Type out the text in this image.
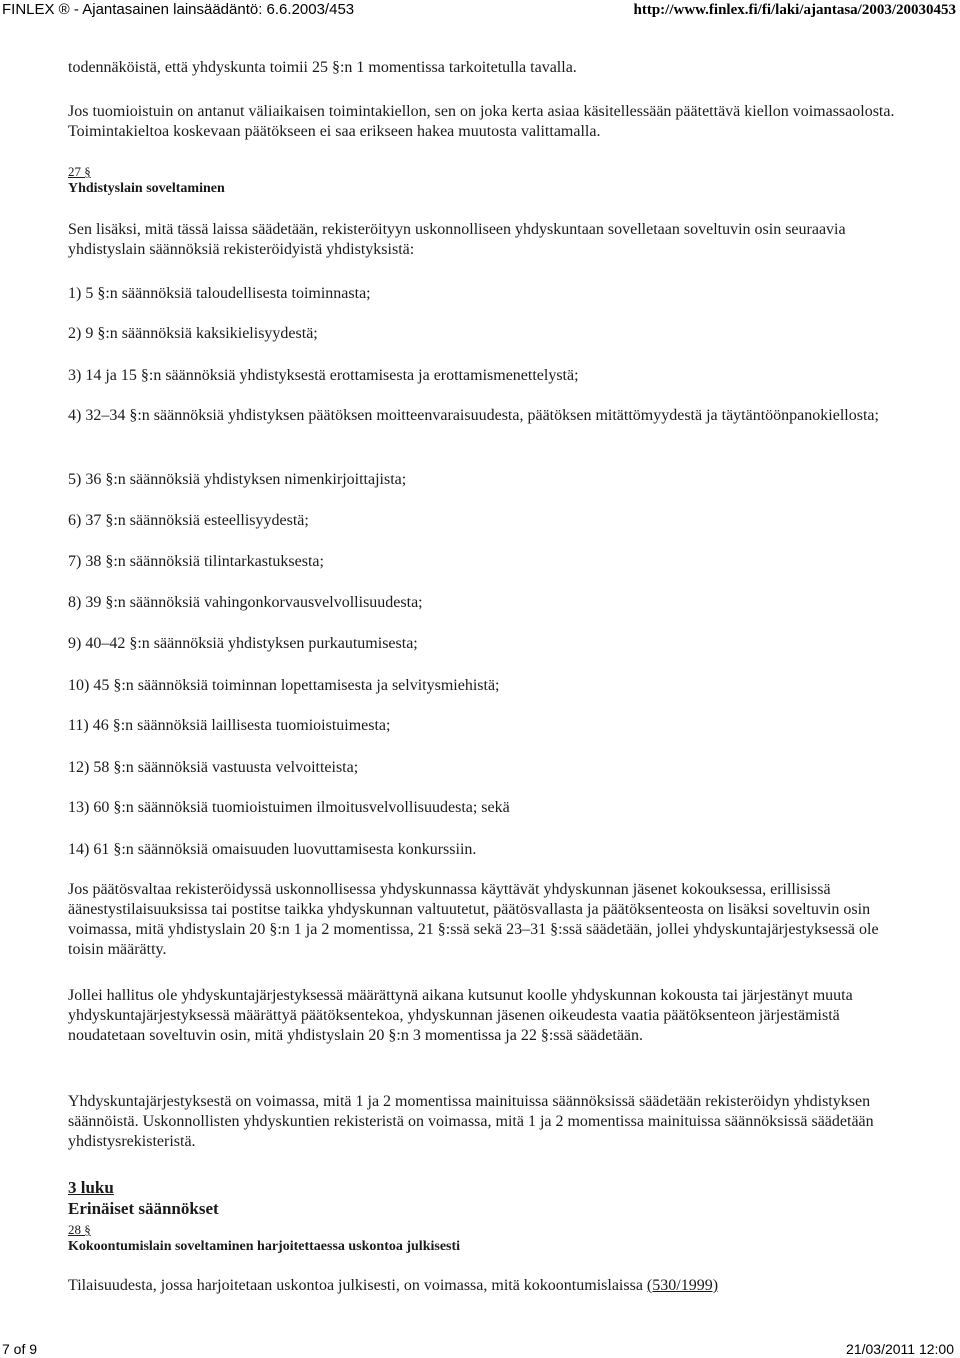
FINLEX ® - Ajantasainen lainsäädäntö: 6.6.2003/453	http://www.finlex.fi/fi/laki/ajantasa/2003/20030453

todennäköistä, että yhdyskunta toimii 25 §:n 1 momentissa tarkoitetulla tavalla.

Jos tuomioistuin on antanut väliaikaisen toimintakiellon, sen on joka kerta asiaa käsitellessään päätettävä kiellon voimassaolosta. Toimintakieltoa koskevaan päätökseen ei saa erikseen hakea muutosta valittamalla.

27 §
Yhdistyslain soveltaminen

Sen lisäksi, mitä tässä laissa säädetään, rekisteröityyn uskonnolliseen yhdyskuntaan sovelletaan soveltuvin osin seuraavia yhdistyslain säännöksiä rekisteröidyistä yhdistyksistä:

1) 5 §:n säännöksiä taloudellisesta toiminnasta;

2) 9 §:n säännöksiä kaksikielisyydestä;

3) 14 ja 15 §:n säännöksiä yhdistyksestä erottamisesta ja erottamismenettelystä;

4) 32–34 §:n säännöksiä yhdistyksen päätöksen moitteenvaraisuudesta, päätöksen mitättömyydestä ja täytäntöönpanokiellosta;

5) 36 §:n säännöksiä yhdistyksen nimenkirjoittajista;

6) 37 §:n säännöksiä esteellisyydestä;

7) 38 §:n säännöksiä tilintarkastuksesta;

8) 39 §:n säännöksiä vahingonkorvausvelvollisuudesta;

9) 40–42 §:n säännöksiä yhdistyksen purkautumisesta;

10) 45 §:n säännöksiä toiminnan lopettamisesta ja selvitysmiehistä;

11) 46 §:n säännöksiä laillisesta tuomioistuimesta;

12) 58 §:n säännöksiä vastuusta velvoitteista;

13) 60 §:n säännöksiä tuomioistuimen ilmoitusvelvollisuudesta; sekä

14) 61 §:n säännöksiä omaisuuden luovuttamisesta konkurssiin.

Jos päätösvaltaa rekisteröidyssä uskonnollisessa yhdyskunnassa käyttävät yhdyskunnan jäsenet kokouksessa, erillisissä äänestystilaisuuksissa tai postitse taikka yhdyskunnan valtuutetut, päätösvallasta ja päätöksenteosta on lisäksi soveltuvin osin voimassa, mitä yhdistyslain 20 §:n 1 ja 2 momentissa, 21 §:ssä sekä 23–31 §:ssä säädetään, jollei yhdyskuntajärjestyksessä ole toisin määrätty.

Jollei hallitus ole yhdyskuntajärjestyksessä määrättynä aikana kutsunut koolle yhdyskunnan kokousta tai järjestänyt muuta yhdyskuntajärjestyksessä määrättyä päätöksentekoa, yhdyskunnan jäsenen oikeudesta vaatia päätöksenteon järjestämistä noudatetaan soveltuvin osin, mitä yhdistyslain 20 §:n 3 momentissa ja 22 §:ssä säädetään.

Yhdyskuntajärjestyksestä on voimassa, mitä 1 ja 2 momentissa mainituissa säännöksissä säädetään rekisteröidyn yhdistyksen säännöistä. Uskonnollisten yhdyskuntien rekisteristä on voimassa, mitä 1 ja 2 momentissa mainituissa säännöksissä säädetään yhdistysrekisteristä.

3 luku
Erinäiset säännökset
28 §
Kokoontumislain soveltaminen harjoitettaessa uskontoa julkisesti

Tilaisuudesta, jossa harjoitetaan uskontoa julkisesti, on voimassa, mitä kokoontumislaissa (530/1999)

7 of 9	21/03/2011 12:00
